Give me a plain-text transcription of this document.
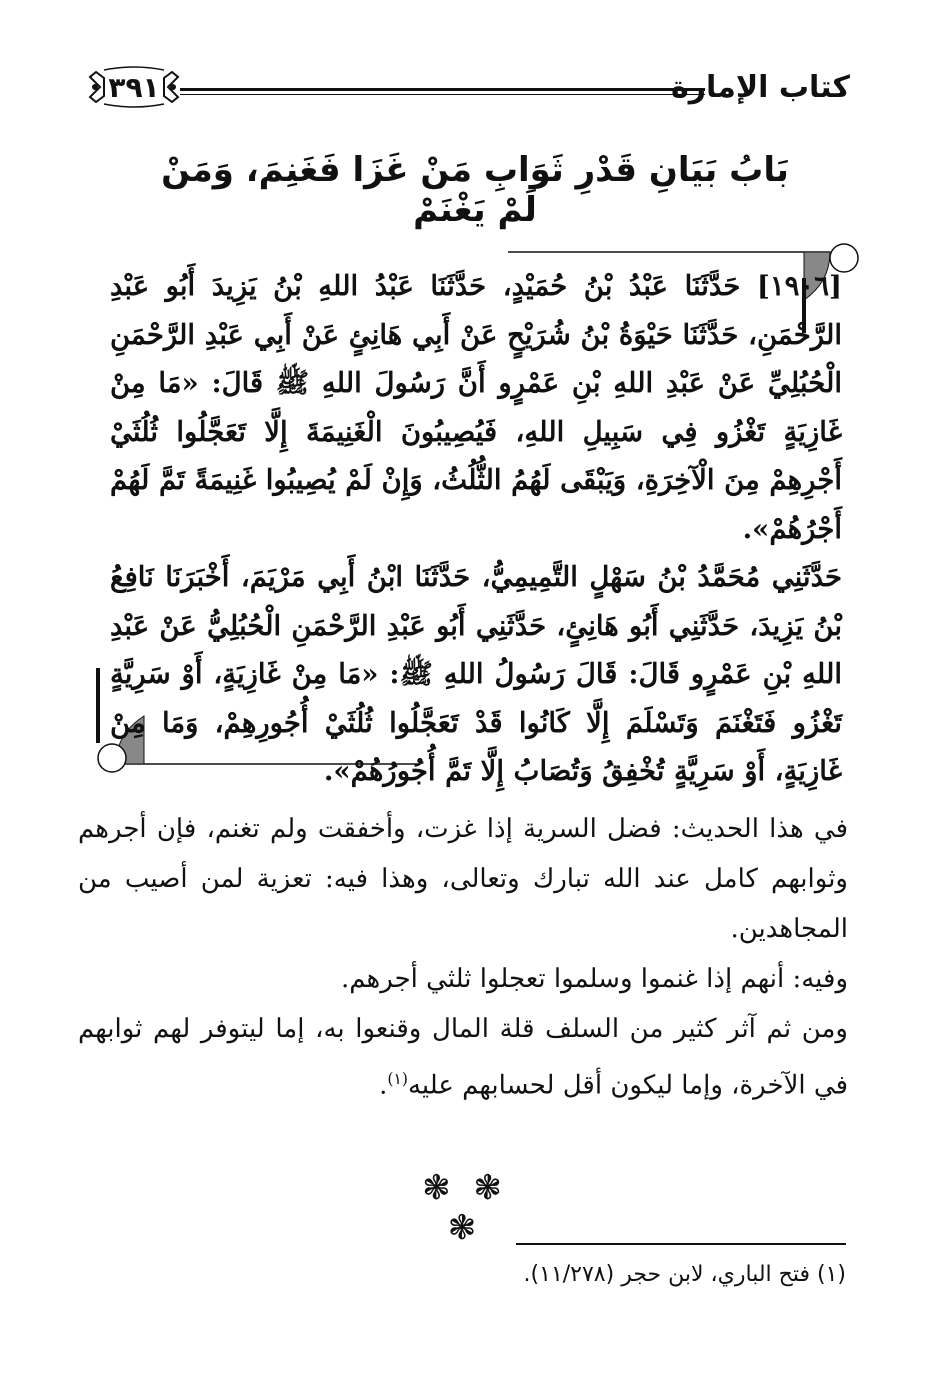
كتاب الإمارة
٣٩١
بَابُ بَيَانِ قَدْرِ ثَوَابِ مَنْ غَزَا فَغَنِمَ، وَمَنْ لَمْ يَغْنَمْ

[١٩٠٦] حَدَّثَنَا عَبْدُ بْنُ حُمَيْدٍ، حَدَّثَنَا عَبْدُ اللهِ بْنُ يَزِيدَ أَبُو عَبْدِ الرَّحْمَنِ، حَدَّثَنَا حَيْوَةُ بْنُ شُرَيْحٍ عَنْ أَبِي هَانِئٍ عَنْ أَبِي عَبْدِ الرَّحْمَنِ الْحُبُلِيِّ عَنْ عَبْدِ اللهِ بْنِ عَمْرٍو أَنَّ رَسُولَ اللهِ ﷺ قَالَ: «مَا مِنْ غَازِيَةٍ تَغْزُو فِي سَبِيلِ اللهِ، فَيُصِيبُونَ الْغَنِيمَةَ إِلَّا تَعَجَّلُوا ثُلُثَيْ أَجْرِهِمْ مِنَ الْآخِرَةِ، وَيَبْقَى لَهُمُ الثُّلُثُ، وَإِنْ لَمْ يُصِيبُوا غَنِيمَةً تَمَّ لَهُمْ أَجْرُهُمْ».

حَدَّثَنِي مُحَمَّدُ بْنُ سَهْلٍ التَّمِيمِيُّ، حَدَّثَنَا ابْنُ أَبِي مَرْيَمَ، أَخْبَرَنَا نَافِعُ بْنُ يَزِيدَ، حَدَّثَنِي أَبُو هَانِئٍ، حَدَّثَنِي أَبُو عَبْدِ الرَّحْمَنِ الْحُبُلِيُّ عَنْ عَبْدِ اللهِ بْنِ عَمْرٍو قَالَ: قَالَ رَسُولُ اللهِ ﷺ: «مَا مِنْ غَازِيَةٍ، أَوْ سَرِيَّةٍ تَغْزُو فَتَغْنَمَ وَتَسْلَمَ إِلَّا كَانُوا قَدْ تَعَجَّلُوا ثُلُثَيْ أُجُورِهِمْ، وَمَا مِنْ غَازِيَةٍ، أَوْ سَرِيَّةٍ تُخْفِقُ وَتُصَابُ إِلَّا تَمَّ أُجُورُهُمْ».

في هذا الحديث: فضل السرية إذا غزت، وأخفقت ولم تغنم، فإن أجرهم وثوابهم كامل عند الله تبارك وتعالى، وهذا فيه: تعزية لمن أصيب من المجاهدين.

وفيه: أنهم إذا غنموا وسلموا تعجلوا ثلثي أجرهم.

ومن ثم آثر كثير من السلف قلة المال وقنعوا به، إما ليتوفر لهم ثوابهم في الآخرة، وإما ليكون أقل لحسابهم عليه$^{(١)}$.

❃ ❃ ❃
(١) فتح الباري، لابن حجر (١١/٢٧٨).
